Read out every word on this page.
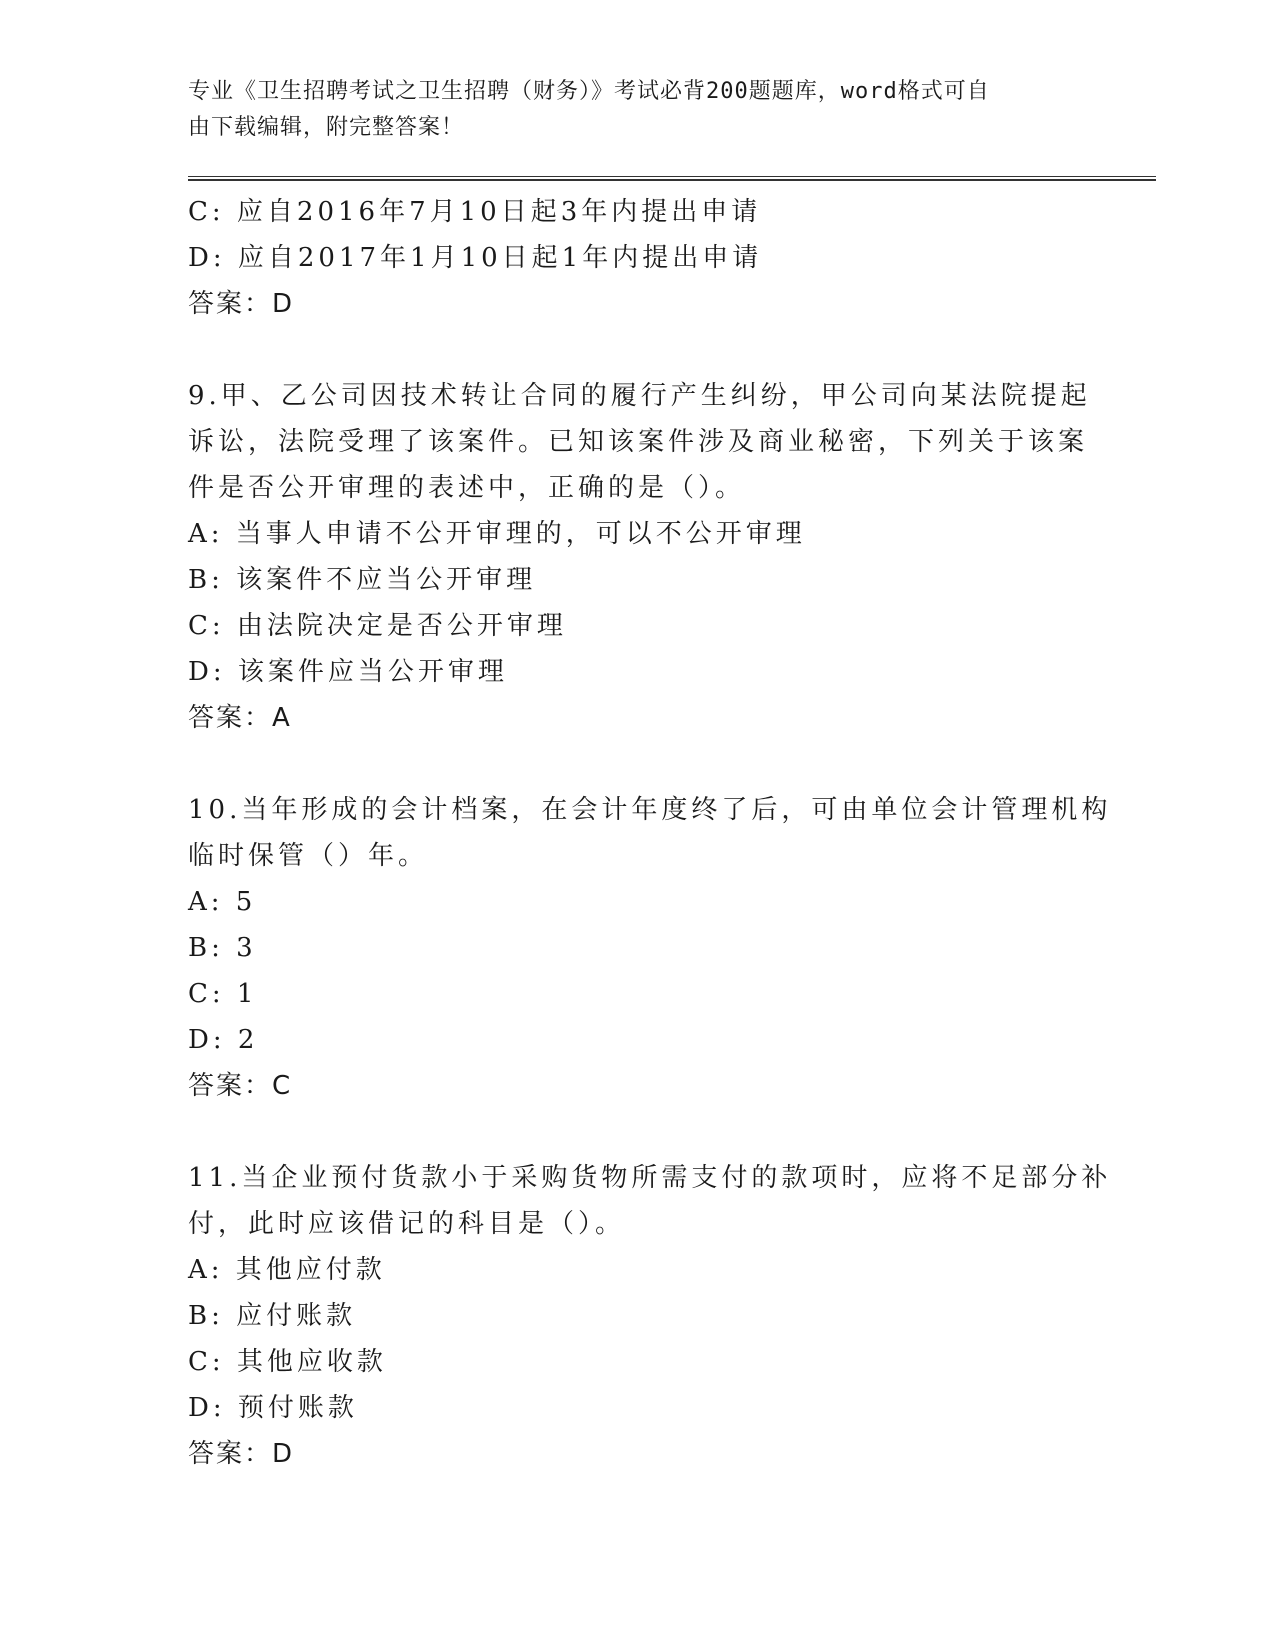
专业《卫生招聘考试之卫生招聘（财务）》考试必背200题题库，word格式可自
由下载编辑，附完整答案！
C: 应自2016年7月10日起3年内提出申请
D: 应自2017年1月10日起1年内提出申请
答案：D
9.甲、乙公司因技术转让合同的履行产生纠纷，甲公司向某法院提起
诉讼，法院受理了该案件。已知该案件涉及商业秘密，下列关于该案
件是否公开审理的表述中，正确的是（）。
A: 当事人申请不公开审理的，可以不公开审理
B: 该案件不应当公开审理
C: 由法院决定是否公开审理
D: 该案件应当公开审理
答案：A
10.当年形成的会计档案，在会计年度终了后，可由单位会计管理机构
临时保管（）年。
A: 5
B: 3
C: 1
D: 2
答案：C
11.当企业预付货款小于采购货物所需支付的款项时，应将不足部分补
付，此时应该借记的科目是（）。
A: 其他应付款
B: 应付账款
C: 其他应收款
D: 预付账款
答案：D
